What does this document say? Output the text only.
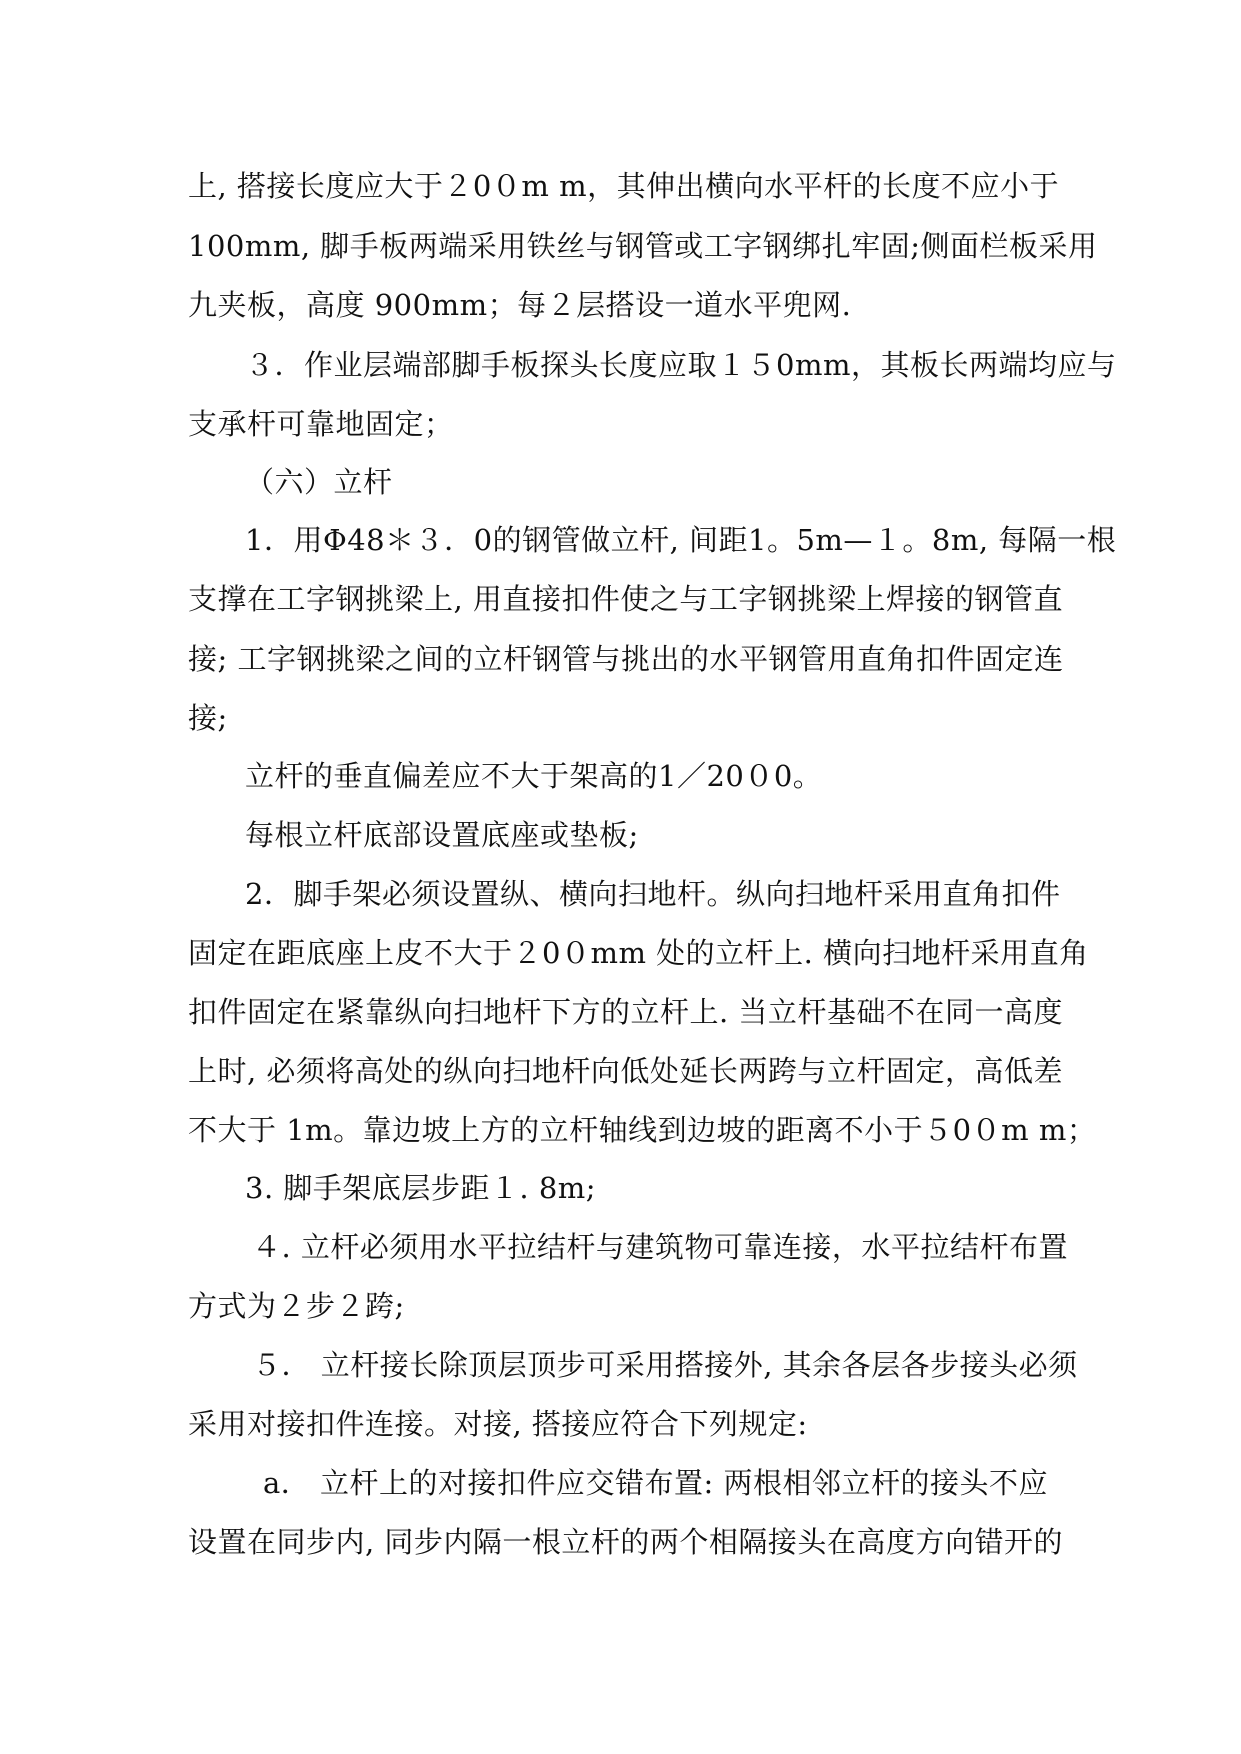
上, 搭接长度应大于２0０m m，其伸出横向水平杆的长度不应小于
100mm, 脚手板两端采用铁丝与钢管或工字钢绑扎牢固;侧面栏板采用
九夹板，高度 900mm；每２层搭设一道水平兜网.
３．作业层端部脚手板探头长度应取１５0mm，其板长两端均应与
支承杆可靠地固定；
（六）立杆
1．用Φ48＊３．0的钢管做立杆, 间距1。5m—１。8m, 每隔一根
支撑在工字钢挑梁上, 用直接扣件使之与工字钢挑梁上焊接的钢管直
接; 工字钢挑梁之间的立杆钢管与挑出的水平钢管用直角扣件固定连
接;
立杆的垂直偏差应不大于架高的1／20０0。
每根立杆底部设置底座或垫板;
2．脚手架必须设置纵、横向扫地杆。纵向扫地杆采用直角扣件
固定在距底座上皮不大于２0０mm 处的立杆上. 横向扫地杆采用直角
扣件固定在紧靠纵向扫地杆下方的立杆上. 当立杆基础不在同一高度
上时, 必须将高处的纵向扫地杆向低处延长两跨与立杆固定，高低差
不大于 1m。靠边坡上方的立杆轴线到边坡的距离不小于５0０m m；
3. 脚手架底层步距１. 8m;
４. 立杆必须用水平拉结杆与建筑物可靠连接，水平拉结杆布置
方式为２步２跨;
５． 立杆接长除顶层顶步可采用搭接外, 其余各层各步接头必须
采用对接扣件连接。对接, 搭接应符合下列规定:
a． 立杆上的对接扣件应交错布置: 两根相邻立杆的接头不应
设置在同步内, 同步内隔一根立杆的两个相隔接头在高度方向错开的
